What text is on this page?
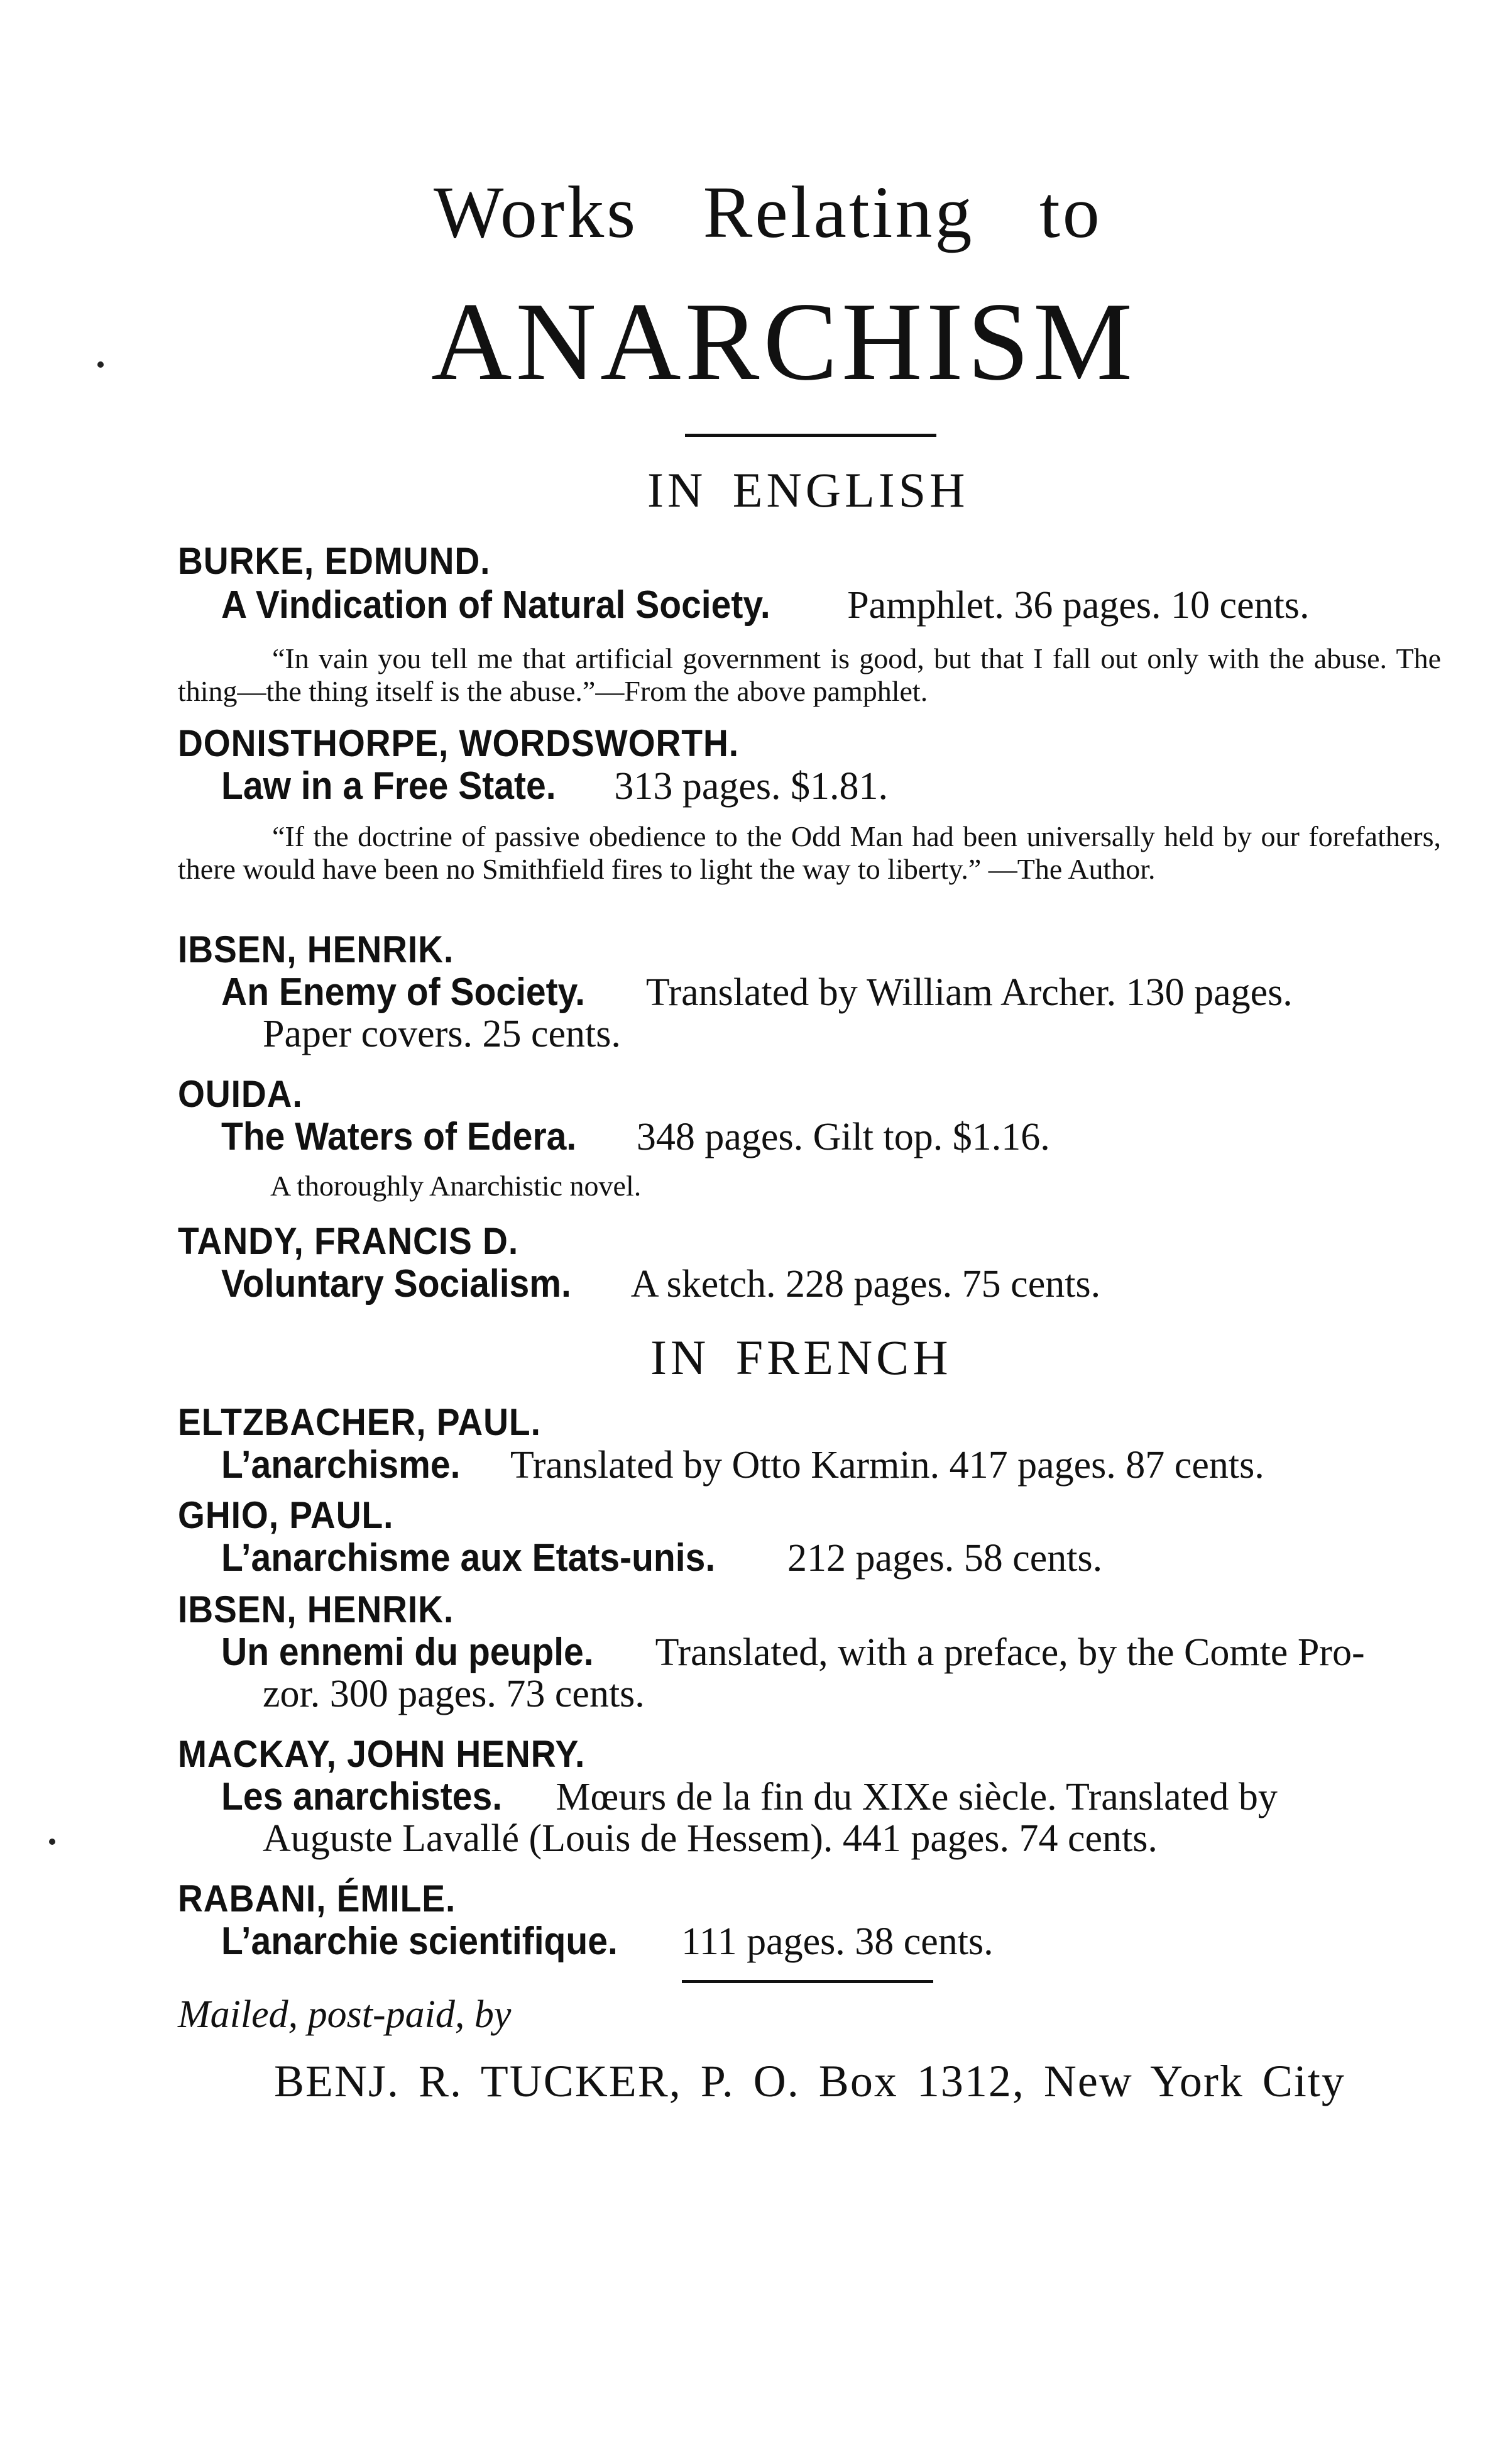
Works Relating to
ANARCHISM
IN ENGLISH
BURKE, EDMUND.
A Vindication of Natural Society. Pamphlet. 36 pages. 10 cents.
“In vain you tell me that artificial government is good, but that I fall out only with the abuse. The thing—the thing itself is the abuse.”—From the above pamphlet.
DONISTHORPE, WORDSWORTH.
Law in a Free State. 313 pages. $1.81.
“If the doctrine of passive obedience to the Odd Man had been universally held by our forefathers, there would have been no Smithfield fires to light the way to liberty.” —The Author.
IBSEN, HENRIK.
An Enemy of Society. Translated by William Archer. 130 pages.
Paper covers. 25 cents.
OUIDA.
The Waters of Edera. 348 pages. Gilt top. $1.16.
A thoroughly Anarchistic novel.
TANDY, FRANCIS D.
Voluntary Socialism. A sketch. 228 pages. 75 cents.
IN FRENCH
ELTZBACHER, PAUL.
L’anarchisme. Translated by Otto Karmin. 417 pages. 87 cents.
GHIO, PAUL.
L’anarchisme aux Etats-unis. 212 pages. 58 cents.
IBSEN, HENRIK.
Un ennemi du peuple. Translated, with a preface, by the Comte Pro-
zor. 300 pages. 73 cents.
MACKAY, JOHN HENRY.
Les anarchistes. Mœurs de la fin du XIXe siècle. Translated by
Auguste Lavallé (Louis de Hessem). 441 pages. 74 cents.
RABANI, ÉMILE.
L’anarchie scientifique. 111 pages. 38 cents.
Mailed, post-paid, by
BENJ. R. TUCKER, P. O. Box 1312, New York City
